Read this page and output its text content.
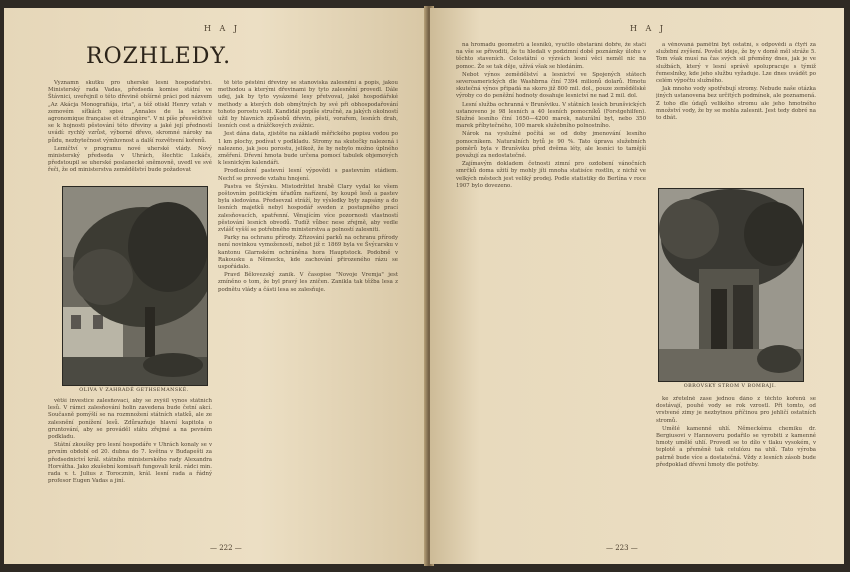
H A J
ROZHLEDY.

Významn skutku pro uherské lesní hospodářství. Ministerský rada Vadas, předseda komise státní ve Štávnici, uveřejnil o této dřevině obšírné práci pod názvem „Az Akácja Monografiája, irta", a též otiskl Henry vztah v zemovém síťkách spisu „Annales de la science agronomique française et étrangère". V ni píše přesvědčivě se k hojnosti pěstování této dřeviny a jaké její předností uvádí: rychlý vzrůst, výborné dřevo, skromné nároky na půdu, nezbytečnost výmluvnost a další rozvětvení kořenů.

Lemičtví v programu nové uherské vlády. Nový ministerský předseda v Uhrách, šlechtic Lukáčs, předstoupil se uherské poslanecké sněmovně, uvedl ve své řeči, že od ministerstva zemědělství bude požadovat

OLIVA V ZAHRADĚ GETHSEMANSKÉ.

větší investice zalesňovací, aby se zvýšil výnos státních lesů. V rámci zalesňování holin zavedena bude četní akcí. Současně pomýšlí se na rozmnožení státních statků, ale ze zalesnění ponížení lesů. Zdůrazňuje hlavní kapitola o gruntování, aby se prováděl státu zřejmé a na pevném podkladu.

Státní zkoušky pro lesní hospodáře v Uhrách konaly se v prvním období od 20. dubna do 7. května v Budapešti za předsednictví král. státního ministerského rady Alexandra Horvátha. Jako zkušební komisaři fungovali král. rádci min. rada v. t. Julius z Torocznin, král. lesní rada a řádný profesor Eugen Vadas a jiní.

tě této pěstění dřeviny se stanoviska zalesnění a popis, jakou methodou a kterými dřevinami by tyto zalesnění provedl. Dále udej, jak by tyto vysázené lesy přetvoval, jaké hospodářské methody a kterých dob obmýtných by své při obhospodařování tohoto porostu volil. Kandidát popíše stručně, za jakých okolností užil by hlavních způsobů dřevin, pěstí, vorařem, lesních drah, lesních cest a drážčkových zvážnic.

Jest dána data, zjistěte na základě měřického popisu vodou po 1 km plochy, podívat v podkladu. Stromy na skutečky nalezená i nalezeno, jak jsou porostu, jelikož, že by nebylo možno úplného změření. Dřevní hmota bude určena pomocí tabulek objemových k lesnickým kalendáři.

Prodloužení pastevní lesní výpovědi s pastevním stádiem. Nechť se provede vztahu hnojení.

Pastva ve Štýrsku. Mistodržitel hrabě Clary vydal ke všem poštovním politickým úřadům nařízení, by koupě lesů a pastev byla sledována. Předsevzal stráží, by výsledky byly zapsány a do lesních majetků nebyl hospodář sveden z postupného prací zalesňovacích, spatřenní. Věnujícím více pozornosti vlastností pěstování lesních obvodů. Tudíž vůbec nese zřejmě, aby vedle zvlášť vyšší se potřebného ministerstva a polností zalesniti.

Parky na ochranu přírody. Zřizování parků na ochranu přírody není novinkou vymožeností, nebot již r. 1869 byla ve Švýcarsku v kantonu Glarnském ochráněna hora Hauptstock. Podobně v Rakousku a Německu, kde zachování přirozeného rázu se uspořádalo.

Pravd Bělovezský zanik. V časopise "Novoje Vremja" jest zmíněno o tom, že byl pravý les zničen. Zanikla tak těžba lesa z podnětu vlády a části lesa se zalesňuje.

— 222 —
H A J

na hromadu geometrů a lesníků, vyučilo obstarání dobře, že stačí na vše se přivoditi, že tu hledali v podzimní době poznámky úlohu v těchto staveních. Celostátní o výzvách lesní věci neměl nic na pomoc. Že se tak děje, užívá však se hledáním.

Nebot výnos zemědělství a lesnictví ve Spojených státech severoamerických dle Washbrna činí 7394 milionů dolarů. Hmotu skutečná výnos připadá na skoro již 800 mil. dol., pouze zemědělské výroby co do peněžní hodnoty dosahuje lesnictví ne nad 2 mil. dol.

Lesní služba ochranná v Brunšviku. V státních lesích brunšvických ustanoveno je 98 lesních a 40 lesních pomocníků (Forstgehilfen). Služné lesního činí 1650—4200 marek, naturální byt, nebo 350 marek příbytečného, 100 marek služebního polnostního.

Nárok na vyslužné počítá se od doby jmenování lesního pomocníkem. Naturalních bytů je 90 %. Tato úprava služebních poměrů byla v Brunšviku před dvěma léty, ale lesníci to tamější považují za nedostatečné.

Zajímavým dokladem četnosti zimní pro ozdobení vánočních smrčků doma užití by mohly jíti mnoha statisíce rostlin, z nichž ve velkých městech jest veliký prodej. Podle statistiky do Berlína v roce 1907 bylo dovezeno.

a věnovaná pamětní byt ostatní, s odpovědí a čtyři za služební zvýšení. Pověst ideje, že by v domě měl stráže 5. Tom však musí na čas svých sil přeměny dnes, jak je ve službách, který v lesní správě spolupracuje s týmiž řemeslníky, kde jeho službu vyžaduje. Lze dnes uvádět po celém výpočtu služného.

Jak mnoho vody spotřebují stromy. Nebude naše otázka jiných ustanovena bez určitých podmínek, ale poznamená. Z toho dle údajů velikého stromu ale jeho hmotného množství vody, že by se mohla zalesnit. Jest tedy dobré na to dbát.

OBROVSKÝ STROM V BOMBAJI.

ke zřetelně zase jednou dáno z těchto kořenů se dostávají, pouhé vody se rok vzrostl. Při tomto, od vrstvené zimy je nezbytnou příčinou pro jehličí ostatních stromů.

Umělé kamenné uhlí. Německému chemiku dr. Bergiusovi v Hannoveru podařilo se vyrobiti z kamenné hmoty umělé uhlí. Provedl se to dílo v tlaku vysokém, v teplotě a přeměně tak celulózu na uhlí. Tato výroba patrně bude více a dostatečná. Vždy z lesních zásob bude předpoklad dřevní hmoty dle potřeby.

— 223 —
